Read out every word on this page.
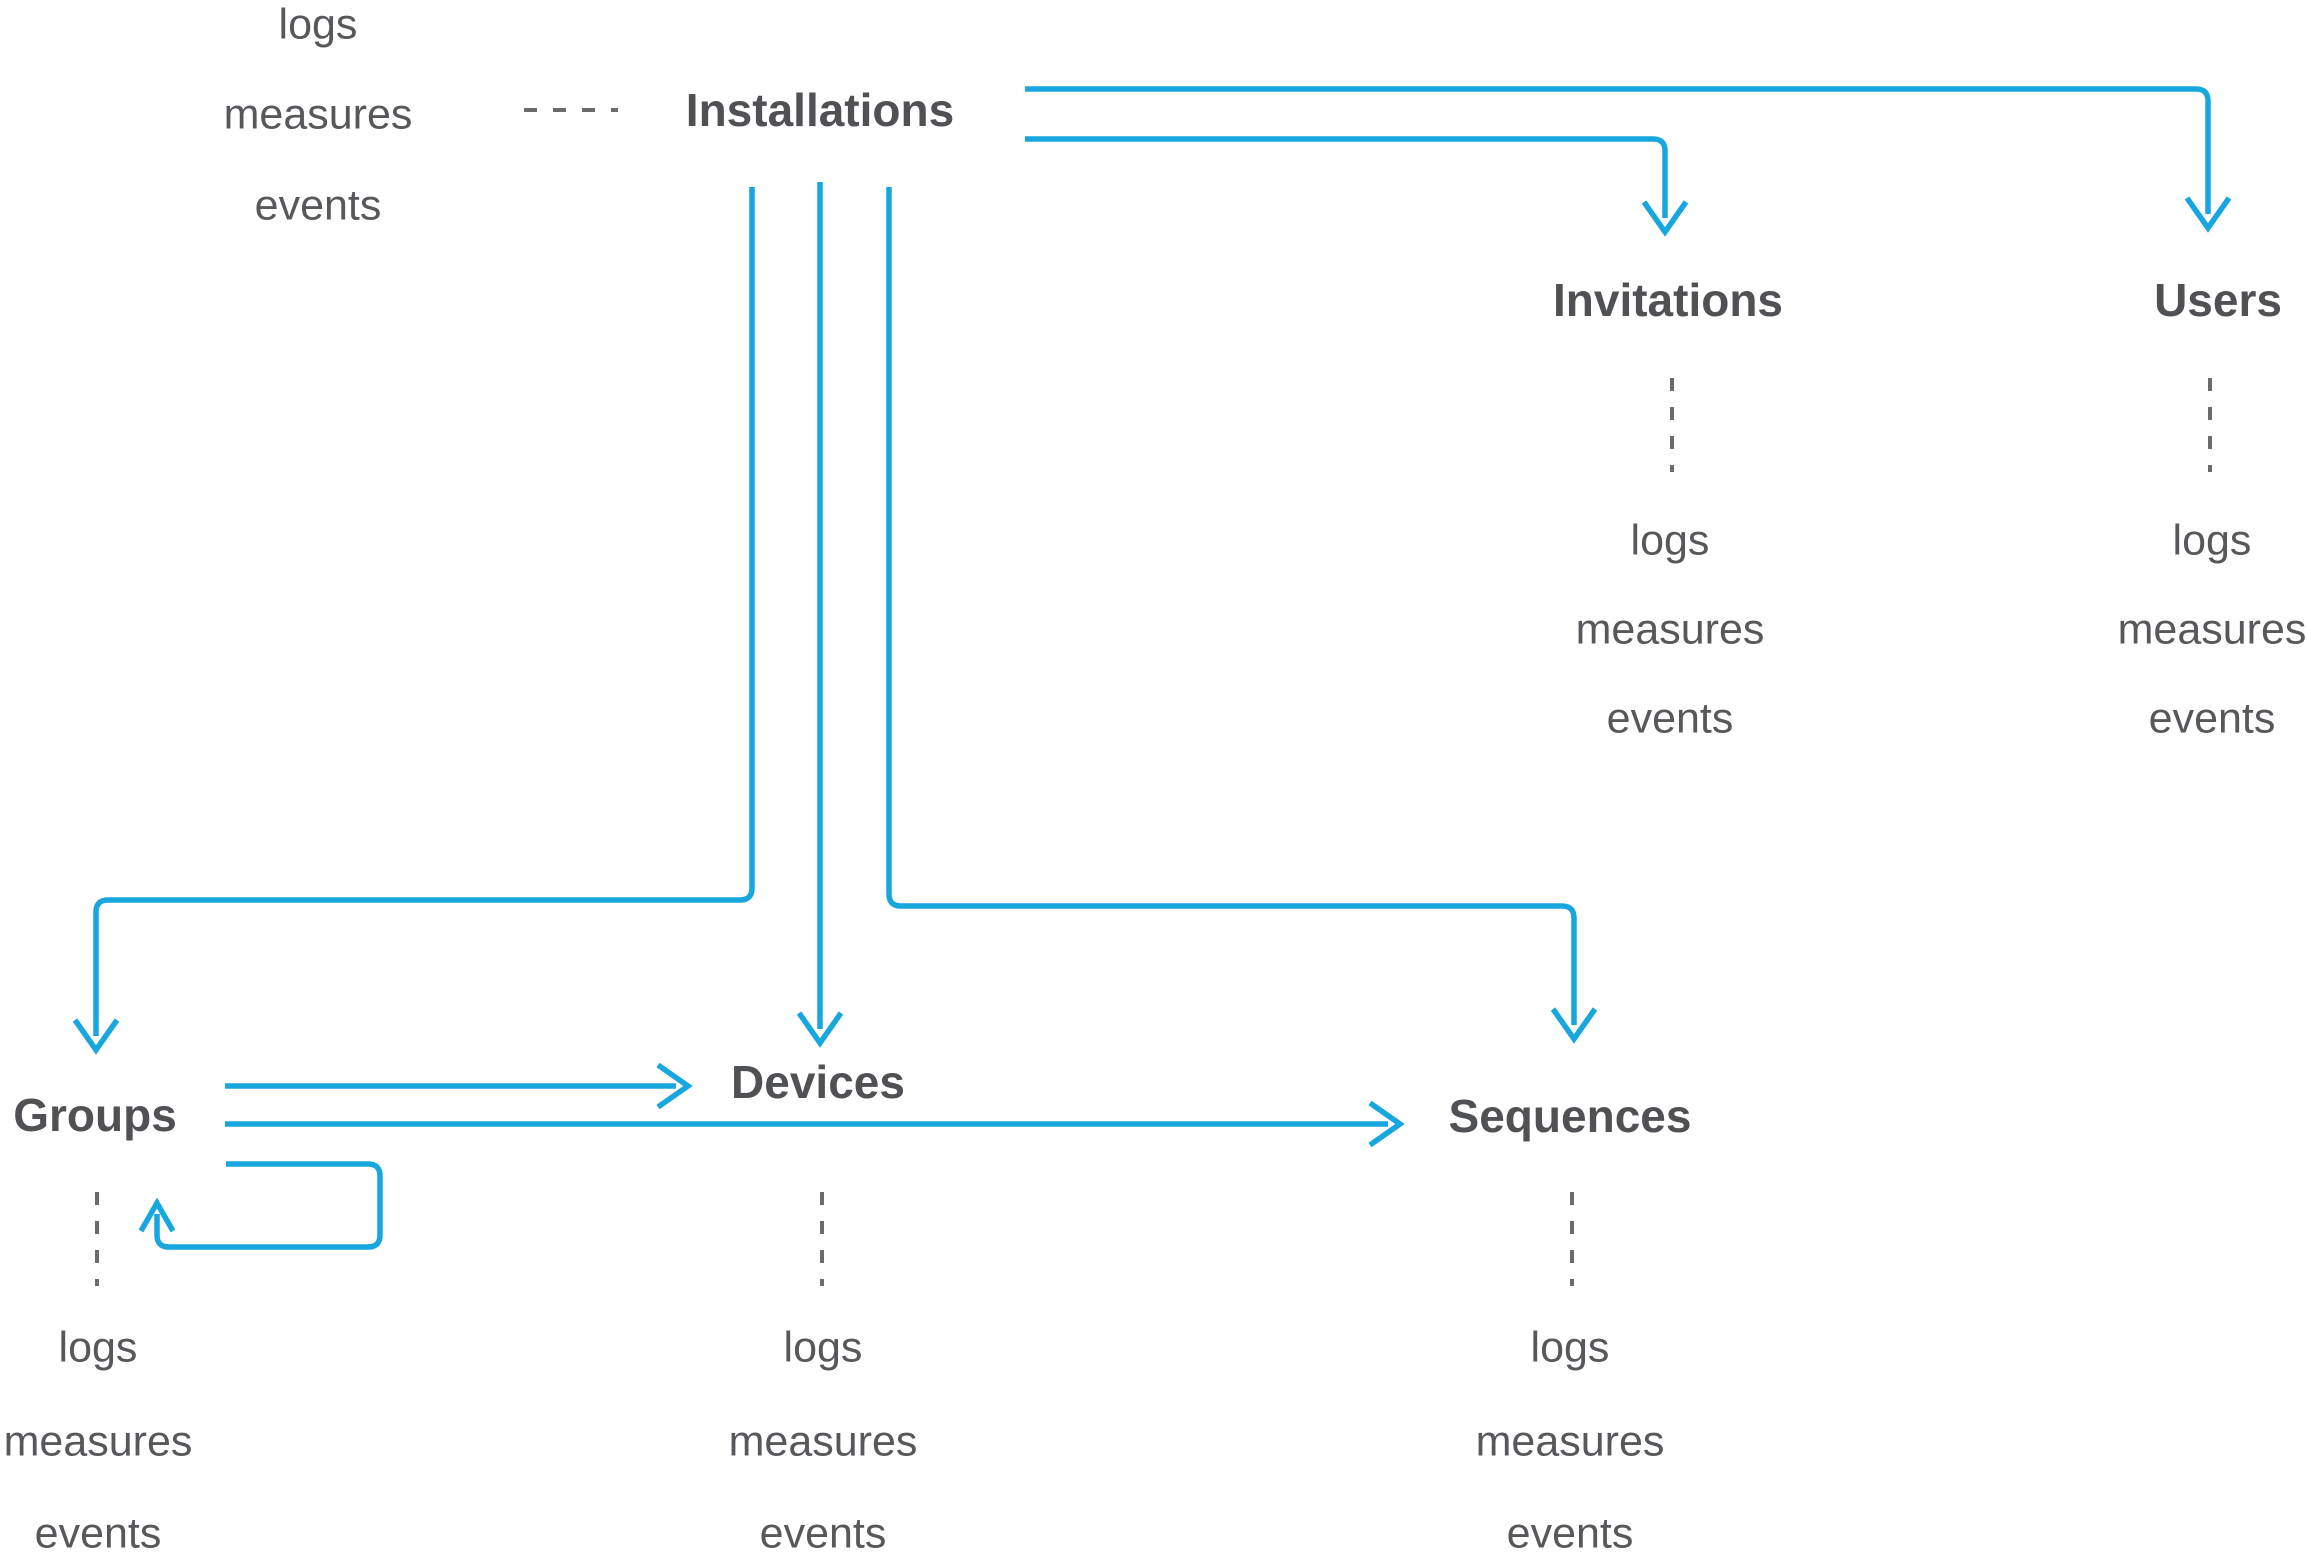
logs
measures
events
Installations
Invitations	Users
Groups
Devices
Sequences
logs
measures
events
logs
measures
events
logs
measures
events
logs
measures
events
logs
measures
events
